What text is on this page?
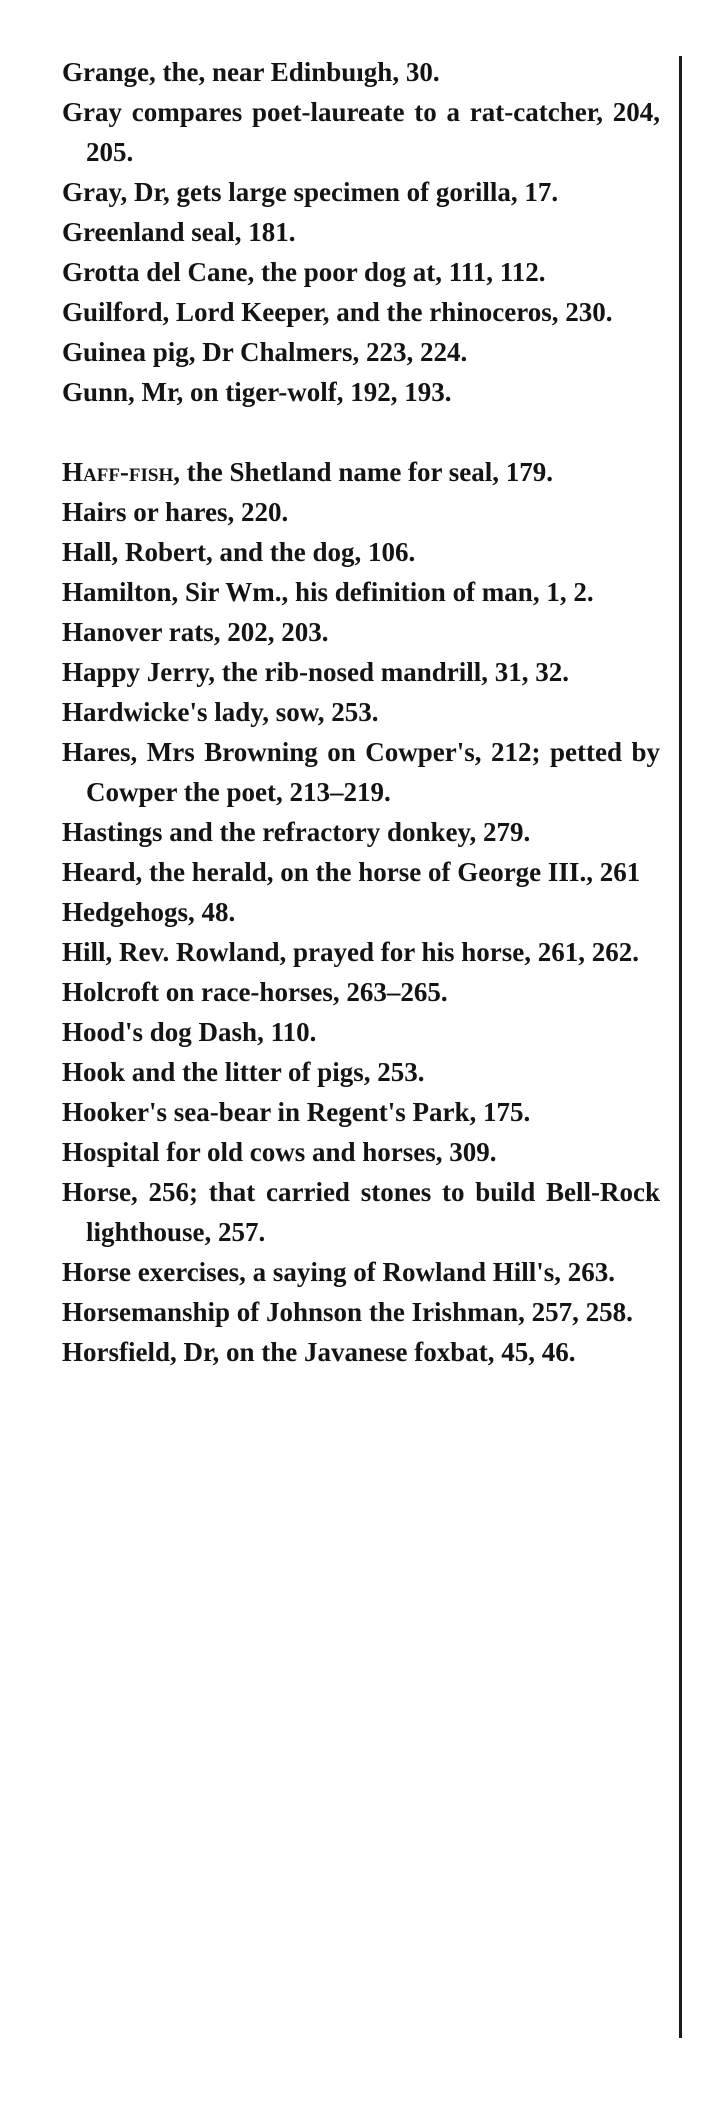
Grange, the, near Edinbuıgh, 30.

Gray compares poet-laureate to a rat-catcher, 204, 205.

Gray, Dr, gets large specimen of gorilla, 17.

Greenland seal, 181.

Grotta del Cane, the poor dog at, 111, 112.

Guilford, Lord Keeper, and the rhinoceros, 230.

Guinea pig, Dr Chalmers, 223, 224.

Gunn, Mr, on tiger-wolf, 192, 193.

Haff-fish, the Shetland name for seal, 179.

Hairs or hares, 220.

Hall, Robert, and the dog, 106.

Hamilton, Sir Wm., his definition of man, 1, 2.

Hanover rats, 202, 203.

Happy Jerry, the rib-nosed mandrill, 31, 32.

Hardwicke's lady, sow, 253.

Hares, Mrs Browning on Cowper's, 212; petted by Cowper the poet, 213–219.

Hastings and the refractory donkey, 279.

Heard, the herald, on the horse of George III., 261

Hedgehogs, 48.

Hill, Rev. Rowland, prayed for his horse, 261, 262.

Holcroft on race-horses, 263–265.

Hood's dog Dash, 110.

Hook and the litter of pigs, 253.

Hooker's sea-bear in Regent's Park, 175.

Hospital for old cows and horses, 309.

Horse, 256; that carried stones to build Bell-Rock lighthouse, 257.

Horse exercises, a saying of Rowland Hill's, 263.

Horsemanship of Johnson the Irishman, 257, 258.

Horsfield, Dr, on the Javanese foxbat, 45, 46.
